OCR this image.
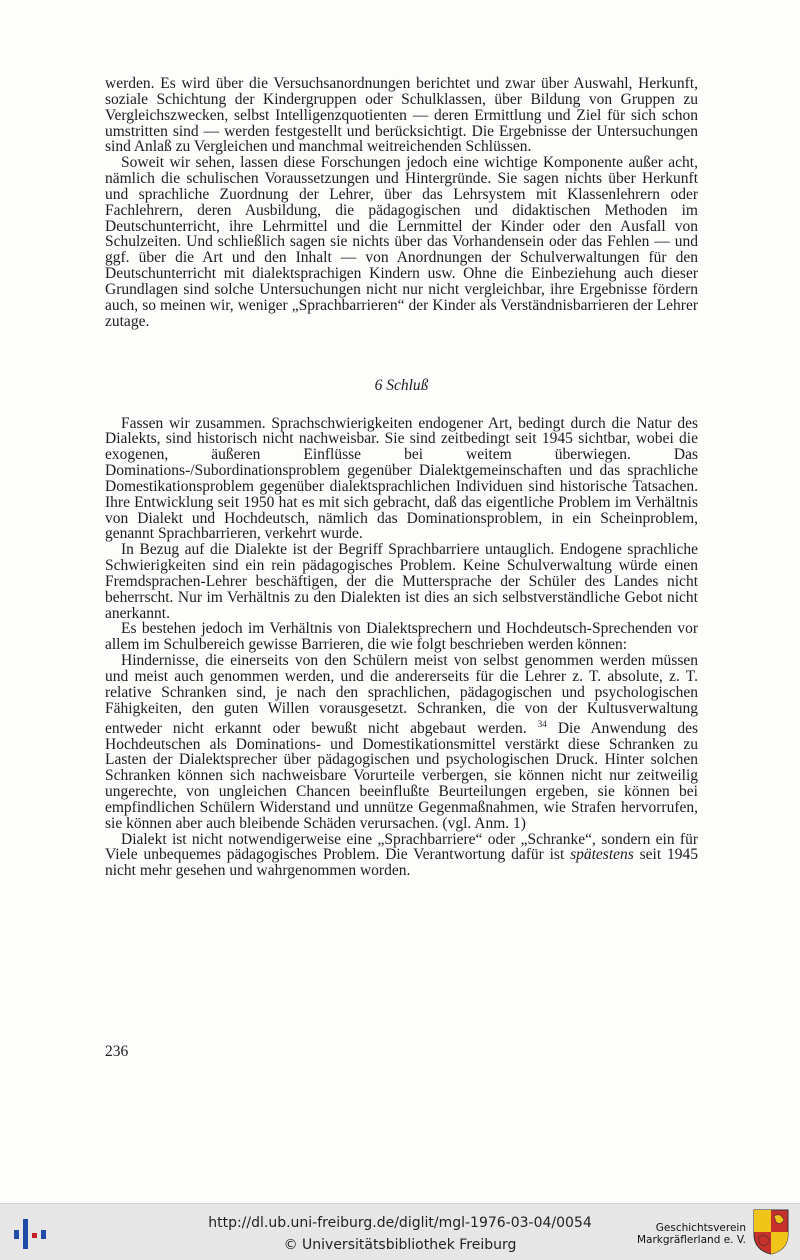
werden. Es wird über die Versuchsanordnungen berichtet und zwar über Auswahl, Herkunft, soziale Schichtung der Kindergruppen oder Schulklassen, über Bildung von Gruppen zu Vergleichszwecken, selbst Intelligenzquotienten — deren Ermittlung und Ziel für sich schon umstritten sind — werden festgestellt und berücksichtigt. Die Ergebnisse der Untersuchungen sind Anlaß zu Vergleichen und manchmal weitreichenden Schlüssen.

Soweit wir sehen, lassen diese Forschungen jedoch eine wichtige Komponente außer acht, nämlich die schulischen Voraussetzungen und Hintergründe. Sie sagen nichts über Herkunft und sprachliche Zuordnung der Lehrer, über das Lehrsystem mit Klassenlehrern oder Fachlehrern, deren Ausbildung, die pädagogischen und didaktischen Methoden im Deutschunterricht, ihre Lehrmittel und die Lernmittel der Kinder oder den Ausfall von Schulzeiten. Und schließlich sagen sie nichts über das Vorhandensein oder das Fehlen — und ggf. über die Art und den Inhalt — von Anordnungen der Schulverwaltungen für den Deutschunterricht mit dialektsprachigen Kindern usw. Ohne die Einbeziehung auch dieser Grundlagen sind solche Untersuchungen nicht nur nicht vergleichbar, ihre Ergebnisse fördern auch, so meinen wir, weniger „Sprachbarrieren“ der Kinder als Verständnisbarrieren der Lehrer zutage.

6 Schluß

Fassen wir zusammen. Sprachschwierigkeiten endogener Art, bedingt durch die Natur des Dialekts, sind historisch nicht nachweisbar. Sie sind zeitbedingt seit 1945 sichtbar, wobei die exogenen, äußeren Einflüsse bei weitem überwiegen. Das Dominations-/Subordinationsproblem gegenüber Dialektgemeinschaften und das sprachliche Domestikationsproblem gegenüber dialektsprachlichen Individuen sind historische Tatsachen. Ihre Entwicklung seit 1950 hat es mit sich gebracht, daß das eigentliche Problem im Verhältnis von Dialekt und Hochdeutsch, nämlich das Dominationsproblem, in ein Scheinproblem, genannt Sprachbarrieren, verkehrt wurde.

In Bezug auf die Dialekte ist der Begriff Sprachbarriere untauglich. Endogene sprachliche Schwierigkeiten sind ein rein pädagogisches Problem. Keine Schulverwaltung würde einen Fremdsprachen-Lehrer beschäftigen, der die Muttersprache der Schüler des Landes nicht beherrscht. Nur im Verhältnis zu den Dialekten ist dies an sich selbstverständliche Gebot nicht anerkannt.

Es bestehen jedoch im Verhältnis von Dialektsprechern und Hochdeutsch-Sprechenden vor allem im Schulbereich gewisse Barrieren, die wie folgt beschrieben werden können:

Hindernisse, die einerseits von den Schülern meist von selbst genommen werden müssen und meist auch genommen werden, und die andererseits für die Lehrer z. T. absolute, z. T. relative Schranken sind, je nach den sprachlichen, pädagogischen und psychologischen Fähigkeiten, den guten Willen vorausgesetzt. Schranken, die von der Kultusverwaltung entweder nicht erkannt oder bewußt nicht abgebaut werden. $^{34}$ Die Anwendung des Hochdeutschen als Dominations- und Domestikationsmittel verstärkt diese Schranken zu Lasten der Dialektsprecher über pädagogischen und psychologischen Druck. Hinter solchen Schranken können sich nachweisbare Vorurteile verbergen, sie können nicht nur zeitweilig ungerechte, von ungleichen Chancen beeinflußte Beurteilungen ergeben, sie können bei empfindlichen Schülern Widerstand und unnütze Gegenmaßnahmen, wie Strafen hervorrufen, sie können aber auch bleibende Schäden verursachen. (vgl. Anm. 1)

Dialekt ist nicht notwendigerweise eine „Sprachbarriere“ oder „Schranke“, sondern ein für Viele unbequemes pädagogisches Problem. Die Verantwortung dafür ist spätestens seit 1945 nicht mehr gesehen und wahrgenommen worden.

236
http://dl.ub.uni-freiburg.de/diglit/mgl-1976-03-04/0054
© Universitätsbibliothek Freiburg
Geschichtsverein
Markgräflerland e. V.
